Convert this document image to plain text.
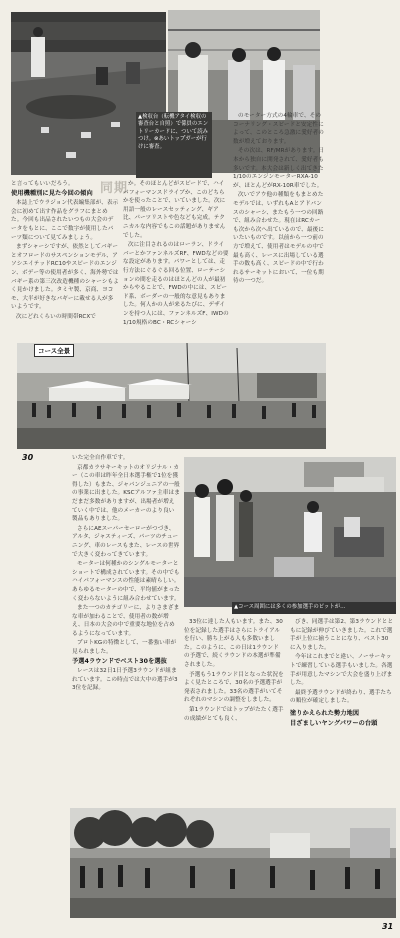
▲検収台（転機アタイ検収の審査台と自照）で係員のエントリーカードに、ついて読みつけ。⊗あいトップガーが行けに審査。
同期

と言ってもいいだろう。

使用機種別に見た今回の傾向

本誌上でウラジョン代表編集部が、表示会に初めて出す作品をグラフにまとめた。今回も出品されたいつもの大会のデータをもとに、ここで数字が使用したパーツ類について見てみましょう。

まずシャーシですが、依然としてバギーとオフロードのサスペンションモデル、アソシエイテッドRC10やスピードのエンジン、ボデー等の使用者が多く、海外勢ではバギー系の第三次改造機種のシャーシもよく見かけました。タミヤ製、京商、ヨコモ、大半が好きなバギーに載せる人が多いようです。

次にどれくらいの時間帯RCXで

か。そのほとんどがスピードで、ハイパフォーマンスドライブか、このどちらかを使ったことで、いていました。次に用語一般のレースセッティング、ギア比、パーツリストや色なども完成。テクニカルな内容でもこの話題がありませんでした。

次に注目されるのはローラン、ドライバーとかファンネルズRF、FWDなどの要な設定があります。パワーとしては、走行方法にぐるぐる回る位置、ローテーションの間を走るのはほとんどの人が最初からやることで、FWDの中には、スピード系、ボーダーの一般的な意見もありました。何人かの人が来るたびに、デザインを持つ人には、ファンネルズF、IWDの1/10規格のBC・RCシャーシ

のモーター方式の4輪車で、そのコーナリング・スピードと安定性によって、このところ急激に愛好者の数が増えております。

その次は、RF/MRがあります。日本から独自に開発されて、愛好者も多いです。本大会は新しく出てきた1/10のエンジンモーターRXA-10が、ほとんどがRX-10R車でした。

次いでアウ他の種類をもまとめたモデルでは、いずれもAとアドバンスのシャーシ、またもう一つの回路で、組み合わせた。現在はRCカーも次から次へ出ているので、最後にいたいものです。以前から一つ前の方で増えて、使用者はモデルの中で最も高く、レースに出場している選手の数も高く、スピードの中で行われるサーキットにおいて、一位も期待の一つだ。

コース全景
30	いた完全自作車です。

京都カラサキーキットのオリジナル・カー（この車は昨年全日本選手権で1位を獲得した）もまた、ジャパンジュニアの一般の事業に出ました。KSCアルファ主車はまだまだ多数がありますが、出場者が増えていく中では、他のメーカーのより良い製品もありました。

さらにAEスーパーセーローがつづき、アルタ、ジャスティーズ、パーツのチューニング、車のレースもまた、レースの世界で大きく変わってきています。

モーターは何種かのシングルモーターとショートで構成されています。その中でもハイパフォーマンスの性能は素晴らしい。あらゆるモーターの中で、平均値がまったく変わらないように組み合わせています。

また一つのカテゴリーに、よりさまざまな車が加わることで、使用者の数が増え、日本の大会の中で重要な地位を占めるようになっています。

プロトKGの特徴として、一番強い車が見られました。

予選4ラウンドでベスト30を選抜

レースは32日1日予選3ラウンドが組まれています。この時点では大中の選手が33位を記録。

▲コース周囲には多くの参加選手のピットが…

33位に達した人もいます。また、30位を記録した選手はさらにトライアルを行い、勝ち上がる人も多数いました。このように、この日は1ラウンドの予選で、続くラウンドの本選が準備されました。

予選もう1ラウンド目となった状況をよく見たところで、30名の予選選手が発表されました。33名の選手がいてそれぞれのマシンの調整をしました。

第1ラウンドではトップがたたく選手の成績がとても良く、

びき、同選手は第2、第3ラウンドとともに記録が伸びていきました。これで選手が上位に揃うことになり、ベスト30に入りました。

今年はこれまでと違い、ノーサーキットで練習している選手もいました。各選手が用意したマシンで大会を盛り上げました。

最終予選ラウンドが終わり、選手たちの順位が確定しました。

塗りかえられた勢力地図

目ざましいヤングパワーの台頭

31
